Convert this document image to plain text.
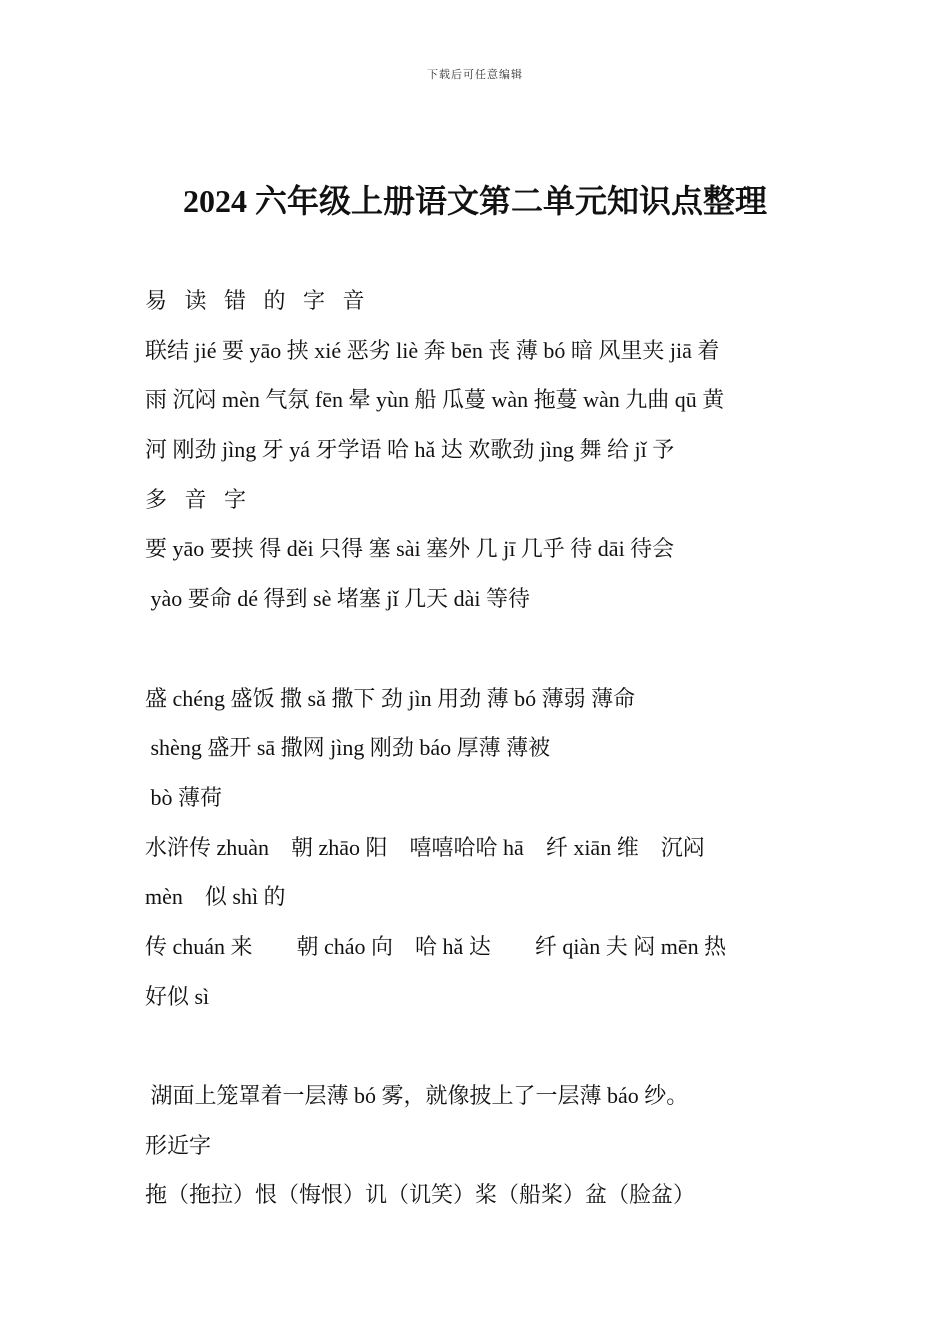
下载后可任意编辑
2024 六年级上册语文第二单元知识点整理
易 读 错 的 字 音
联结 jié 要 yāo 挟 xié 恶劣 liè 奔 bēn 丧 薄 bó 暗 风里夹 jiā 着
雨 沉闷 mèn 气氛 fēn 晕 yùn 船 瓜蔓 wàn 拖蔓 wàn 九曲 qū 黄
河 刚劲 jìng 牙 yá 牙学语 哈 hǎ 达 欢歌劲 jìng 舞 给 jǐ 予
多 音 字
要 yāo 要挟 得 děi 只得 塞 sài 塞外 几 jī 几乎 待 dāi 待会
yào 要命 dé 得到 sè 堵塞 jǐ 几天 dài 等待
盛 chéng 盛饭 撒 sǎ 撒下 劲 jìn 用劲 薄 bó 薄弱 薄命
shèng 盛开 sā 撒网 jìng 刚劲 báo 厚薄 薄被
bò 薄荷
水浒传 zhuàn    朝 zhāo 阳    嘻嘻哈哈 hā    纤 xiān 维    沉闷
mèn    似 shì 的
传 chuán 来        朝 cháo 向    哈 hǎ 达        纤 qiàn 夫 闷 mēn 热
好似 sì
湖面上笼罩着一层薄 bó 雾，就像披上了一层薄 báo 纱。
形近字
拖（拖拉）恨（悔恨）讥（讥笑）桨（船桨）盆（脸盆）
